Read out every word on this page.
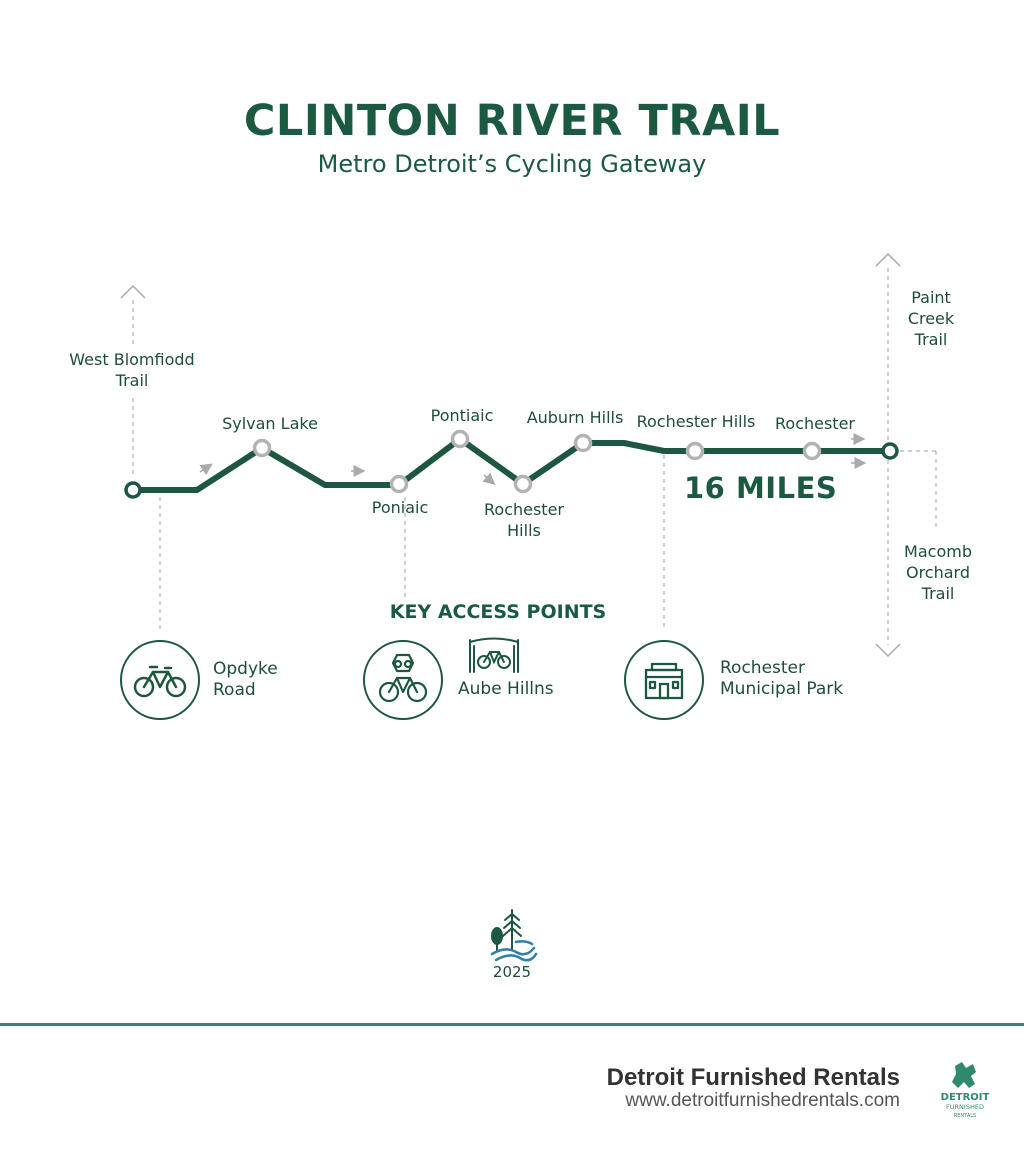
CLINTON RIVER TRAIL
Metro Detroit’s Cycling Gateway
West Blomfiodd Trail
Sylvan Lake	Pontiaic	Auburn Hills Rochester Hills	Rochester
Poniaic	Rochester Hills
16 MILES
Paint Creek Trail
Macomb Orchard Trail
KEY ACCESS POINTS
Opdyke Road	Aube Hillns
Rochester Municipal Park
2025
Detroit Furnished Rentals
www.detroitfurnishedrentals.com	DETROIT
FURNISHED
RENTALS
